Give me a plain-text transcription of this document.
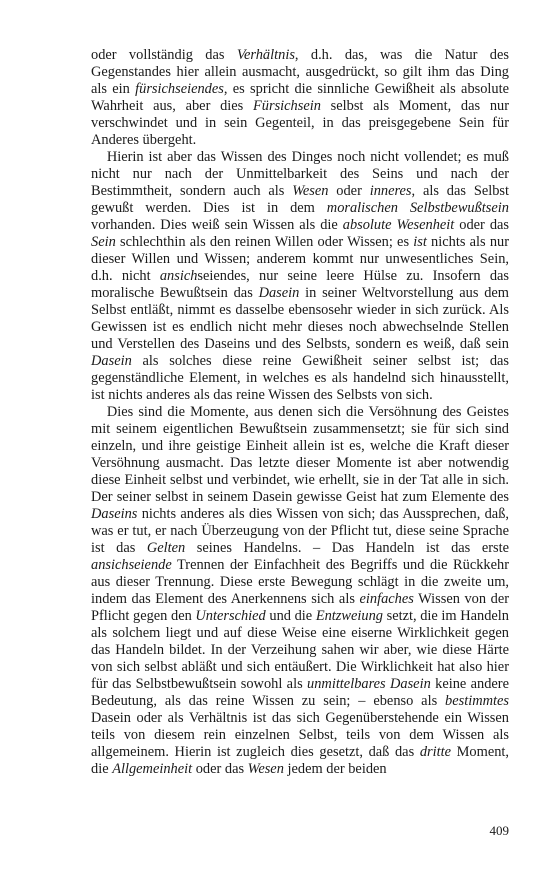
oder vollständig das Verhältnis, d.h. das, was die Natur des Gegenstandes hier allein ausmacht, ausgedrückt, so gilt ihm das Ding als ein fürsichseiendes, es spricht die sinnliche Gewißheit als absolute Wahrheit aus, aber dies Fürsichsein selbst als Moment, das nur verschwindet und in sein Gegenteil, in das preisgegebene Sein für Anderes übergeht.

Hierin ist aber das Wissen des Dinges noch nicht vollendet; es muß nicht nur nach der Unmittelbarkeit des Seins und nach der Bestimmtheit, sondern auch als Wesen oder inneres, als das Selbst gewußt werden. Dies ist in dem moralischen Selbstbewußtsein vorhanden. Dies weiß sein Wissen als die absolute Wesenheit oder das Sein schlechthin als den reinen Willen oder Wissen; es ist nichts als nur dieser Willen und Wissen; anderem kommt nur unwesentliches Sein, d.h. nicht ansichseiendes, nur seine leere Hülse zu. Insofern das moralische Bewußtsein das Dasein in seiner Weltvorstellung aus dem Selbst entläßt, nimmt es dasselbe ebensosehr wieder in sich zurück. Als Gewissen ist es endlich nicht mehr dieses noch abwechselnde Stellen und Verstellen des Daseins und des Selbsts, sondern es weiß, daß sein Dasein als solches diese reine Gewißheit seiner selbst ist; das gegenständliche Element, in welches es als handelnd sich hinausstellt, ist nichts anderes als das reine Wissen des Selbsts von sich.

Dies sind die Momente, aus denen sich die Versöhnung des Geistes mit seinem eigentlichen Bewußtsein zusammensetzt; sie für sich sind einzeln, und ihre geistige Einheit allein ist es, welche die Kraft dieser Versöhnung ausmacht. Das letzte dieser Momente ist aber notwendig diese Einheit selbst und verbindet, wie erhellt, sie in der Tat alle in sich. Der seiner selbst in seinem Dasein gewisse Geist hat zum Elemente des Daseins nichts anderes als dies Wissen von sich; das Aussprechen, daß, was er tut, er nach Überzeugung von der Pflicht tut, diese seine Sprache ist das Gelten seines Handelns. – Das Handeln ist das erste ansichseiende Trennen der Einfachheit des Begriffs und die Rückkehr aus dieser Trennung. Diese erste Bewegung schlägt in die zweite um, indem das Element des Anerkennens sich als einfaches Wissen von der Pflicht gegen den Unterschied und die Entzweiung setzt, die im Handeln als solchem liegt und auf diese Weise eine eiserne Wirklichkeit gegen das Handeln bildet. In der Verzeihung sahen wir aber, wie diese Härte von sich selbst abläßt und sich entäußert. Die Wirklichkeit hat also hier für das Selbstbewußtsein sowohl als unmittelbares Dasein keine andere Bedeutung, als das reine Wissen zu sein; – ebenso als bestimmtes Dasein oder als Verhältnis ist das sich Gegenüberstehende ein Wissen teils von diesem rein einzelnen Selbst, teils von dem Wissen als allgemeinem. Hierin ist zugleich dies gesetzt, daß das dritte Moment, die Allgemeinheit oder das Wesen jedem der beiden

409
